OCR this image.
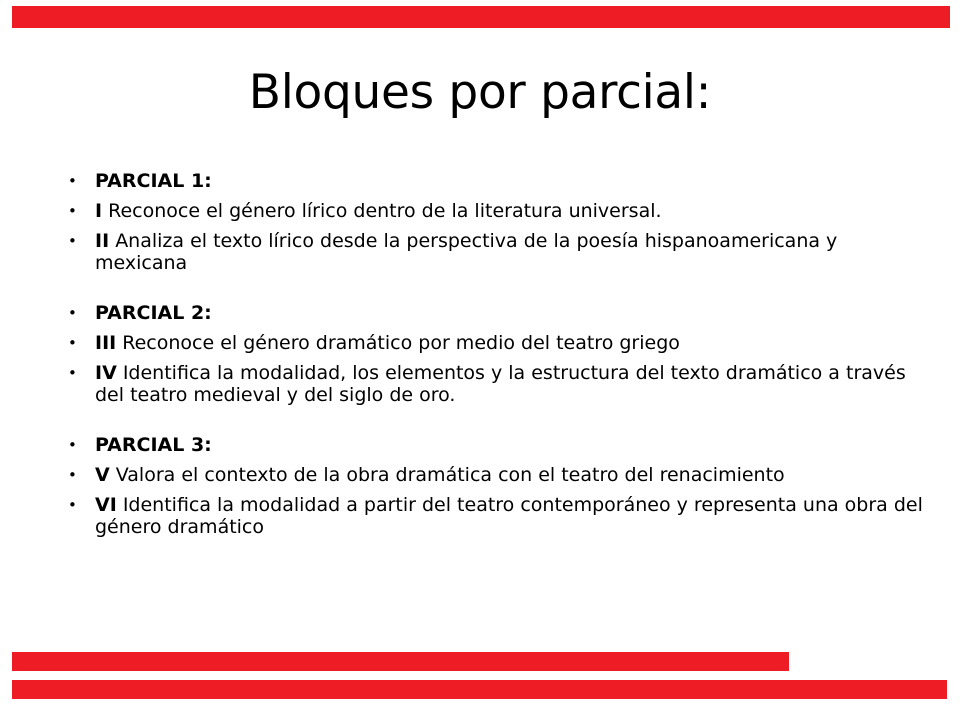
Bloques por parcial:
• PARCIAL 1:
• I Reconoce el género lírico dentro de la literatura universal.
• II Analiza el texto lírico desde la perspectiva de la poesía hispanoamericana y mexicana
• PARCIAL 2:
• III Reconoce el género dramático por medio del teatro griego
• IV Identifica la modalidad, los elementos y la estructura del texto dramático a través del teatro medieval y del siglo de oro.
• PARCIAL 3:
• V Valora el contexto de la obra dramática con el teatro del renacimiento
• VI Identifica la modalidad a partir del teatro contemporáneo y representa una obra del género dramático
